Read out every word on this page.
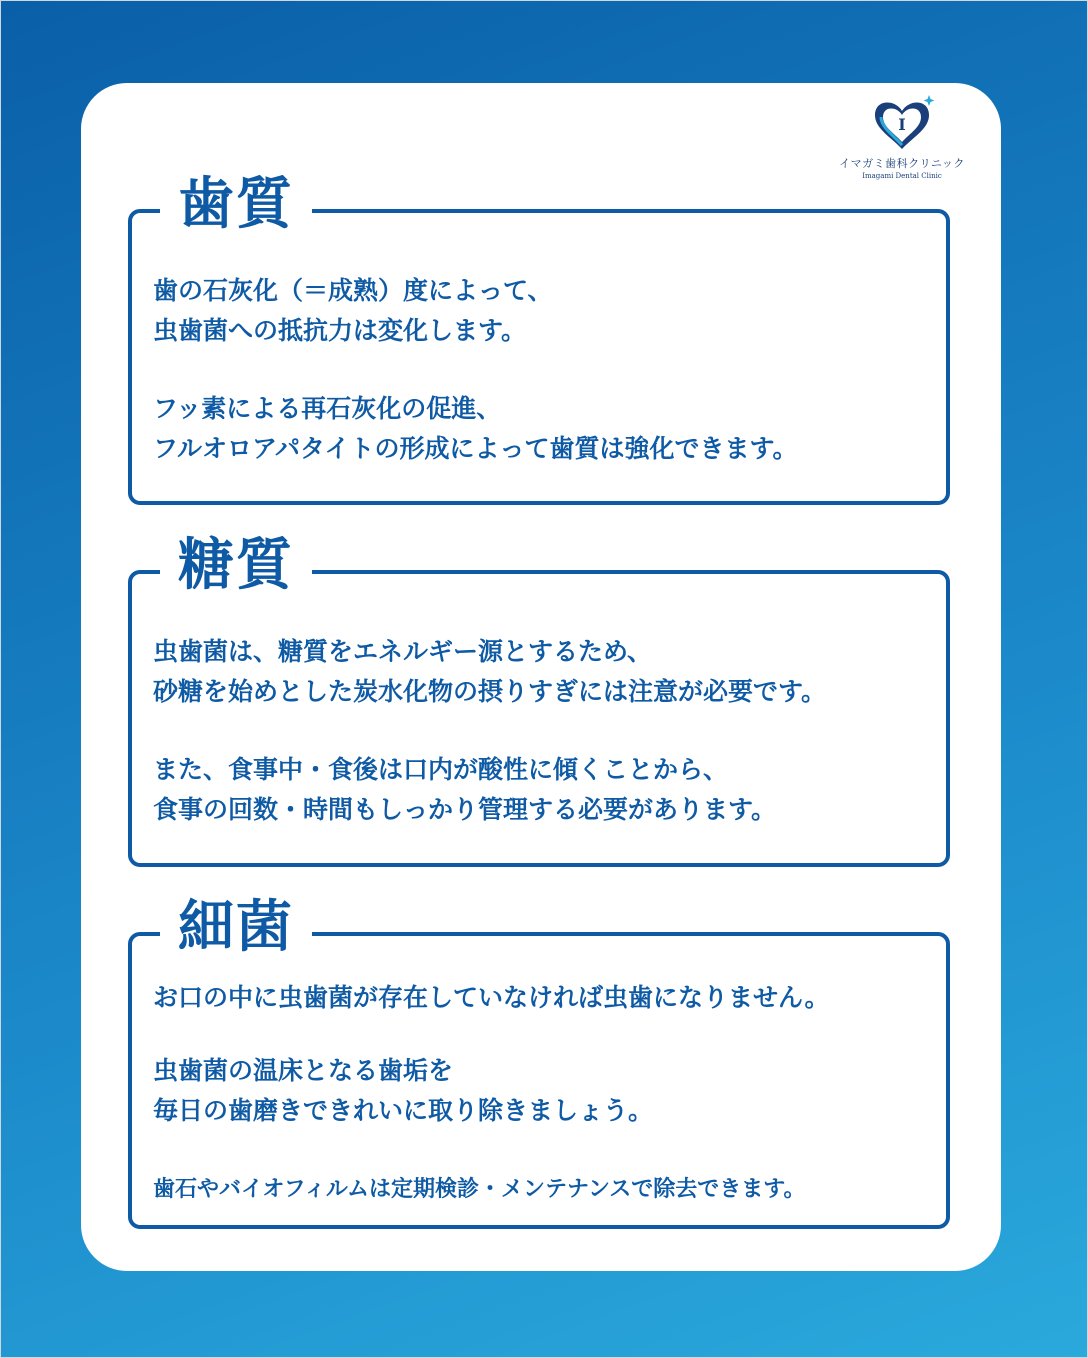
I
イマガミ歯科クリニック
Imagami Dental Clinic
歯質

歯の石灰化（＝成熟）度によって、
虫歯菌への抵抗力は変化します。

フッ素による再石灰化の促進、
フルオロアパタイトの形成によって歯質は強化できます。

糖質

虫歯菌は、糖質をエネルギー源とするため、
砂糖を始めとした炭水化物の摂りすぎには注意が必要です。

また、食事中・食後は口内が酸性に傾くことから、
食事の回数・時間もしっかり管理する必要があります。

細菌

お口の中に虫歯菌が存在していなければ虫歯になりません。

虫歯菌の温床となる歯垢を
毎日の歯磨きできれいに取り除きましょう。

歯石やバイオフィルムは定期検診・メンテナンスで除去できます。
